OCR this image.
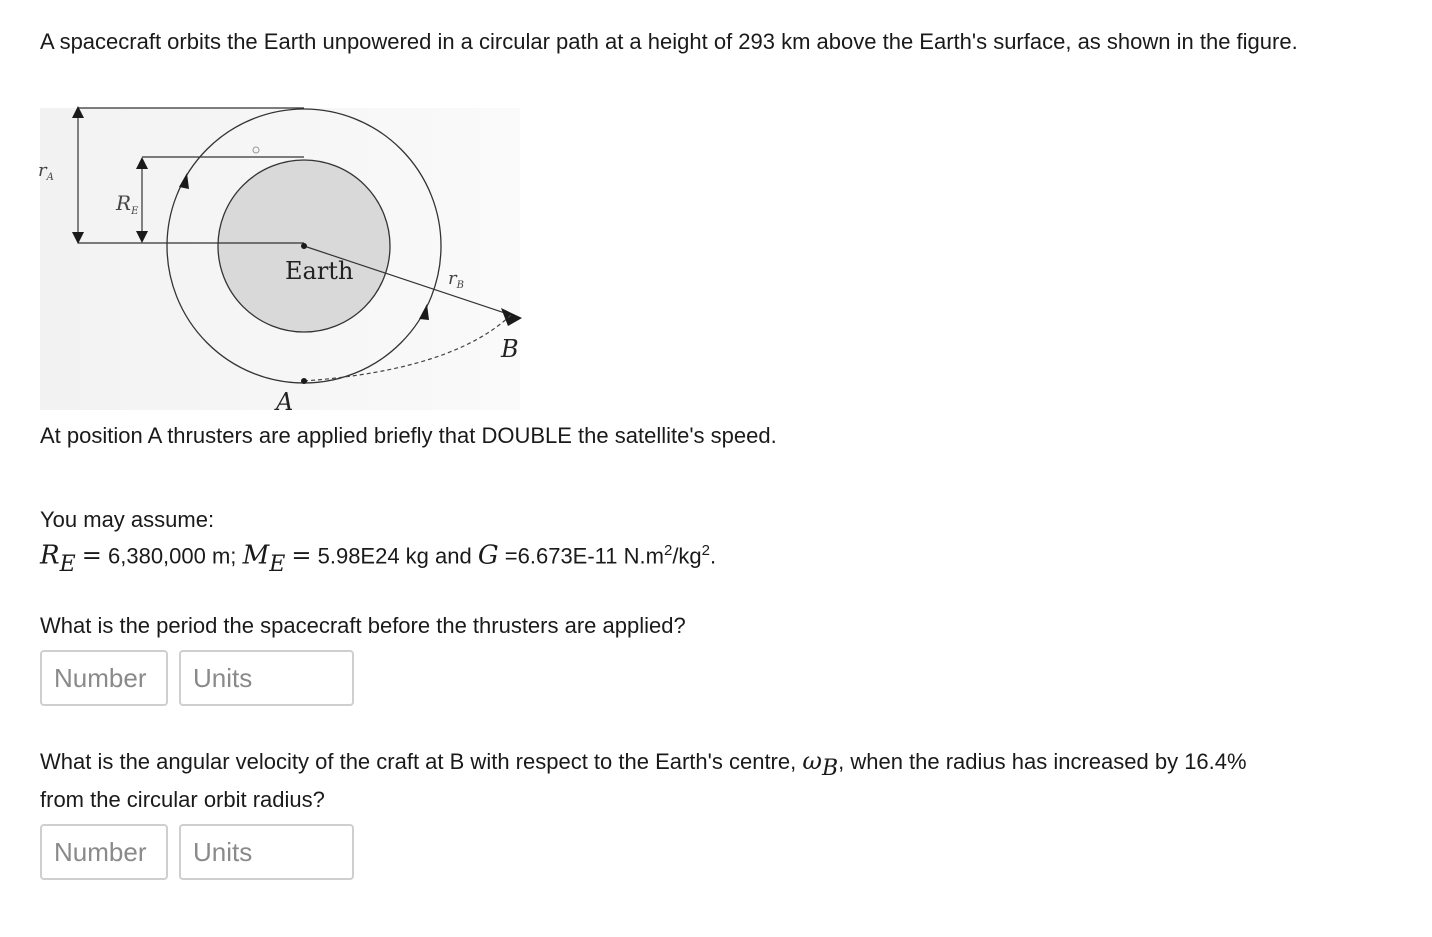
A spacecraft orbits the Earth unpowered in a circular path at a height of 293 km above the Earth's surface, as shown in the figure.
Earth
$r_A$
$R_E$
$r_B$
B
A
At position A thrusters are applied briefly that DOUBLE the satellite's speed.
You may assume:
RE = 6,380,000 m; ME = 5.98E24 kg and G =6.673E-11 $N.m^2/kg^2$.
What is the period the spacecraft before the thrusters are applied?
Number	Units
What is the angular velocity of the craft at B with respect to the Earth's centre, ωB, when the radius has increased by 16.4%
from the circular orbit radius?
Number	Units
